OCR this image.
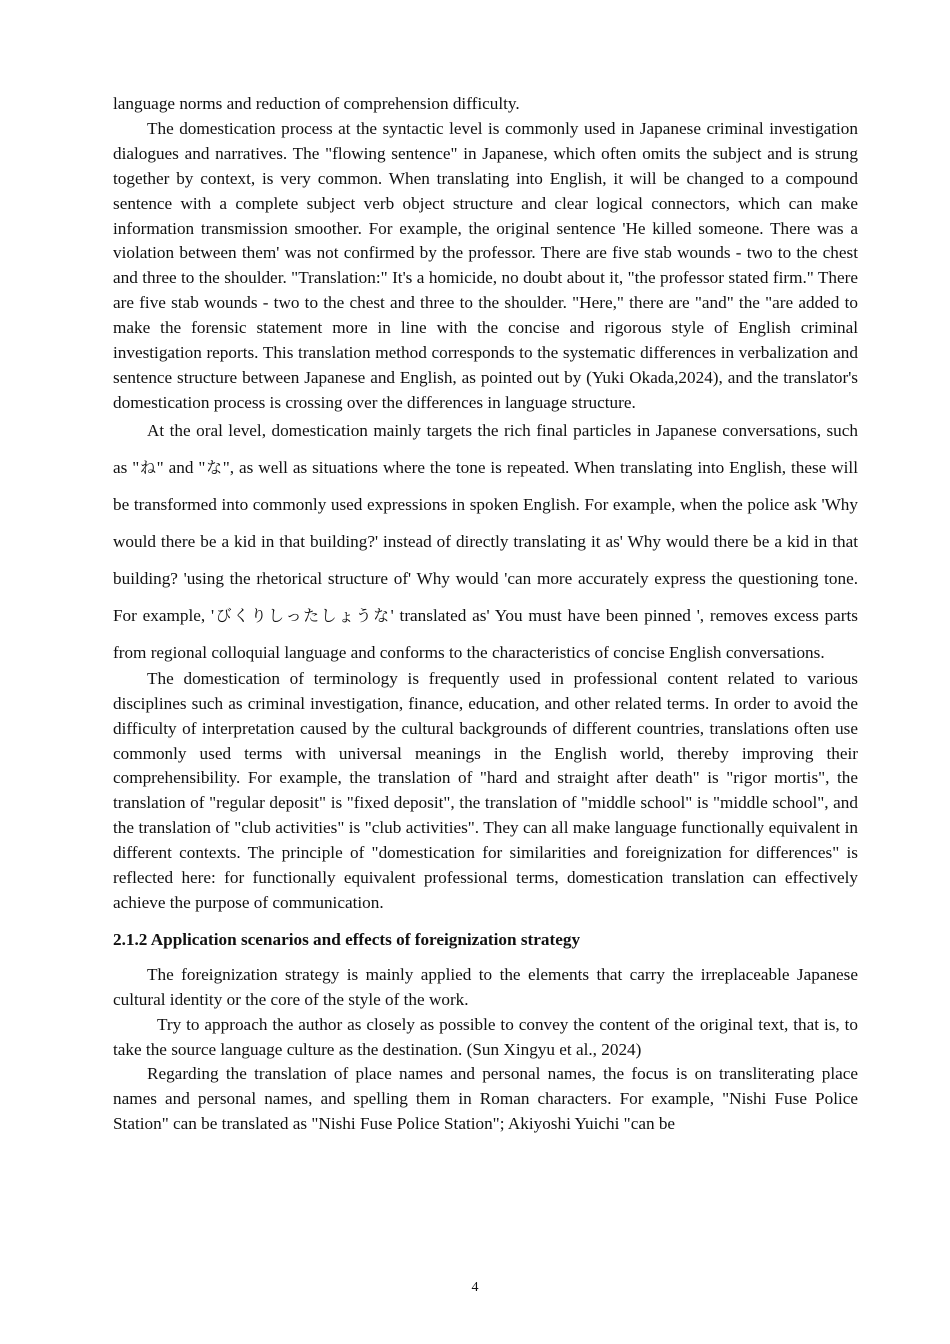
language norms and reduction of comprehension difficulty.

The domestication process at the syntactic level is commonly used in Japanese criminal investigation dialogues and narratives. The "flowing sentence" in Japanese, which often omits the subject and is strung together by context, is very common. When translating into English, it will be changed to a compound sentence with a complete subject verb object structure and clear logical connectors, which can make information transmission smoother. For example, the original sentence 'He killed someone. There was a violation between them' was not confirmed by the professor. There are five stab wounds - two to the chest and three to the shoulder. "Translation:" It's a homicide, no doubt about it, "the professor stated firm." There are five stab wounds - two to the chest and three to the shoulder. "Here," there are "and" the "are added to make the forensic statement more in line with the concise and rigorous style of English criminal investigation reports. This translation method corresponds to the systematic differences in verbalization and sentence structure between Japanese and English, as pointed out by (Yuki Okada,2024), and the translator's domestication process is crossing over the differences in language structure.

At the oral level, domestication mainly targets the rich final particles in Japanese conversations, such as "ね" and "な", as well as situations where the tone is repeated. When translating into English, these will be transformed into commonly used expressions in spoken English. For example, when the police ask 'Why would there be a kid in that building?' instead of directly translating it as' Why would there be a kid in that building? 'using the rhetorical structure of' Why would 'can more accurately express the questioning tone. For example, 'びくりしったしょうな' translated as' You must have been pinned ', removes excess parts from regional colloquial language and conforms to the characteristics of concise English conversations.

The domestication of terminology is frequently used in professional content related to various disciplines such as criminal investigation, finance, education, and other related terms. In order to avoid the difficulty of interpretation caused by the cultural backgrounds of different countries, translations often use commonly used terms with universal meanings in the English world, thereby improving their comprehensibility. For example, the translation of "hard and straight after death" is "rigor mortis", the translation of "regular deposit" is "fixed deposit", the translation of "middle school" is "middle school", and the translation of "club activities" is "club activities". They can all make language functionally equivalent in different contexts. The principle of "domestication for similarities and foreignization for differences" is reflected here: for functionally equivalent professional terms, domestication translation can effectively achieve the purpose of communication.

2.1.2 Application scenarios and effects of foreignization strategy

The foreignization strategy is mainly applied to the elements that carry the irreplaceable Japanese cultural identity or the core of the style of the work.

Try to approach the author as closely as possible to convey the content of the original text, that is, to take the source language culture as the destination. (Sun Xingyu et al., 2024)

Regarding the translation of place names and personal names, the focus is on transliterating place names and personal names, and spelling them in Roman characters. For example, "Nishi Fuse Police Station" can be translated as "Nishi Fuse Police Station"; Akiyoshi Yuichi "can be

4
